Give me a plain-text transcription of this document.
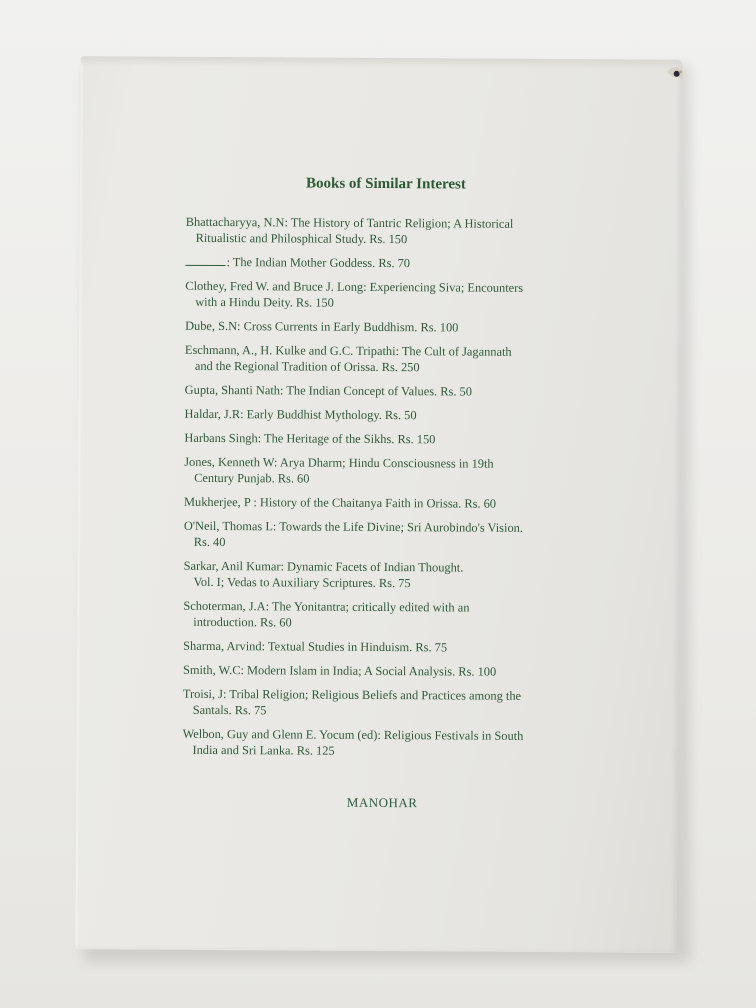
Books of Similar Interest
Bhattacharyya, N.N: The History of Tantric Religion; A Historical
Ritualistic and Philosphical Study. Rs. 150
: The Indian Mother Goddess. Rs. 70
Clothey, Fred W. and Bruce J. Long: Experiencing Siva; Encounters
with a Hindu Deity. Rs. 150
Dube, S.N: Cross Currents in Early Buddhism. Rs. 100
Eschmann, A., H. Kulke and G.C. Tripathi: The Cult of Jagannath
and the Regional Tradition of Orissa. Rs. 250
Gupta, Shanti Nath: The Indian Concept of Values. Rs. 50
Haldar, J.R: Early Buddhist Mythology. Rs. 50
Harbans Singh: The Heritage of the Sikhs. Rs. 150
Jones, Kenneth W: Arya Dharm; Hindu Consciousness in 19th
Century Punjab. Rs. 60
Mukherjee, P : History of the Chaitanya Faith in Orissa. Rs. 60
O'Neil, Thomas L: Towards the Life Divine; Sri Aurobindo's Vision.
Rs. 40
Sarkar, Anil Kumar: Dynamic Facets of Indian Thought.
Vol. I; Vedas to Auxiliary Scriptures. Rs. 75
Schoterman, J.A: The Yonitantra; critically edited with an
introduction. Rs. 60
Sharma, Arvind: Textual Studies in Hinduism. Rs. 75
Smith, W.C: Modern Islam in India; A Social Analysis. Rs. 100
Troisi, J: Tribal Religion; Religious Beliefs and Practices among the
Santals. Rs. 75
Welbon, Guy and Glenn E. Yocum (ed): Religious Festivals in South
India and Sri Lanka. Rs. 125
MANOHAR
